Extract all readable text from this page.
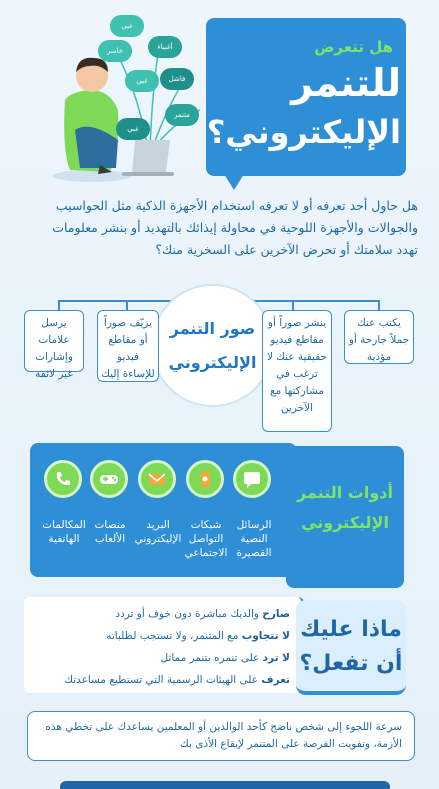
غبي
أغبياء
خاسر
فاشل
غبي
متنمر
غبي
هل تتعرض
للتنمر
الإليكتروني؟
هل حاول أحد تعرفه أو لا تعرفه استخدام الأجهزة الذكية مثل الحواسيب والجوالات والأجهزة اللوحية في محاولة إيذائك بالتهديد أو بنشر معلومات تهدد سلامتك أو تحرض الآخرين على السخرية منك؟
صور التنمر الإليكتروني
يكتب عنك جملاً جارحة أو مؤذية
ينشر صوراً أو مقاطع فيديو حقيقية عنك لا ترغب في مشاركتها مع الآخرين
يزيّف صوراً أو مقاطع فيديو للإساءة إليك
يرسل علامات وإشارات غير لائقة
أدوات التنمر الإليكتروني
الرسائل النصية القصيرة
شبكات التواصل الاجتماعي
البريد الإليكتروني
منصات الألعاب
المكالمات الهاتفية
صارح والديك مباشرة دون خوف أو تردد
لا تتجاوب مع المتنمر، ولا تستجب لطلباته
لا ترد على تنمره بتنمر مماثل
تعرف على الهيئات الرسمية التي تستطيع مساعدتك
ماذا عليك أن تفعل؟
سرعة اللجوء إلى شخص ناضج كأحد الوالدين أو المعلمين يساعدك على تخطي هذه الأزمة، وتفويت الفرصة على المتنمر لإيقاع الأذى بك
